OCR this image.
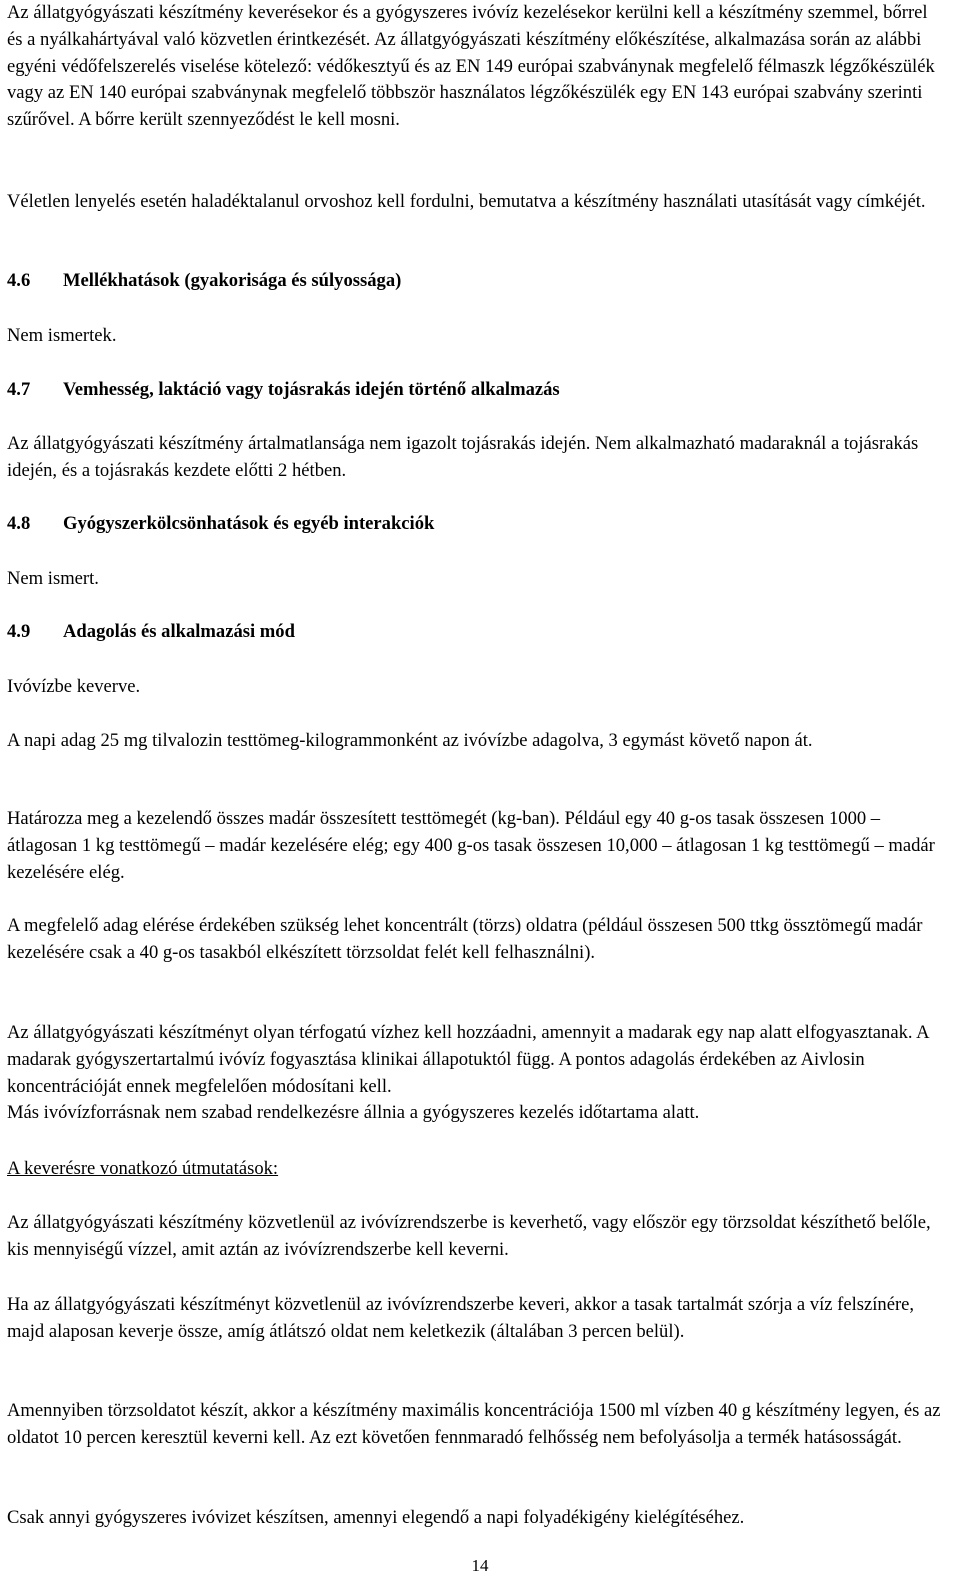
Az állatgyógyászati készítmény keverésekor és a gyógyszeres ivóvíz kezelésekor kerülni kell a készítmény szemmel, bőrrel és a nyálkahártyával való közvetlen érintkezését. Az állatgyógyászati készítmény előkészítése, alkalmazása során az alábbi egyéni védőfelszerelés viselése kötelező: védőkesztyű és az EN 149 európai szabványnak megfelelő félmaszk légzőkészülék vagy az EN 140 európai szabványnak megfelelő többször használatos légzőkészülék egy EN 143 európai szabvány szerinti szűrővel. A bőrre került szennyeződést le kell mosni.

Véletlen lenyelés esetén haladéktalanul orvoshoz kell fordulni, bemutatva a készítmény használati utasítását vagy címkéjét.

4.6 Mellékhatások (gyakorisága és súlyossága)

Nem ismertek.

4.7 Vemhesség, laktáció vagy tojásrakás idején történő alkalmazás

Az állatgyógyászati készítmény ártalmatlansága nem igazolt tojásrakás idején. Nem alkalmazható madaraknál a tojásrakás idején, és a tojásrakás kezdete előtti 2 hétben.

4.8 Gyógyszerkölcsönhatások és egyéb interakciók

Nem ismert.

4.9 Adagolás és alkalmazási mód

Ivóvízbe keverve.

A napi adag 25 mg tilvalozin testtömeg-kilogrammonként az ivóvízbe adagolva, 3 egymást követő napon át.

Határozza meg a kezelendő összes madár összesített testtömegét (kg-ban). Például egy 40 g-os tasak összesen 1000 – átlagosan 1 kg testtömegű – madár kezelésére elég; egy 400 g-os tasak összesen 10,000 – átlagosan 1 kg testtömegű – madár kezelésére elég.

A megfelelő adag elérése érdekében szükség lehet koncentrált (törzs) oldatra (például összesen 500 ttkg össztömegű madár kezelésére csak a 40 g-os tasakból elkészített törzsoldat felét kell felhasználni).

Az állatgyógyászati készítményt olyan térfogatú vízhez kell hozzáadni, amennyit a madarak egy nap alatt elfogyasztanak. A madarak gyógyszertartalmú ivóvíz fogyasztása klinikai állapotuktól függ. A pontos adagolás érdekében az Aivlosin koncentrációját ennek megfelelően módosítani kell.

Más ivóvízforrásnak nem szabad rendelkezésre állnia a gyógyszeres kezelés időtartama alatt.

A keverésre vonatkozó útmutatások:

Az állatgyógyászati készítmény közvetlenül az ivóvízrendszerbe is keverhető, vagy először egy törzsoldat készíthető belőle, kis mennyiségű vízzel, amit aztán az ivóvízrendszerbe kell keverni.

Ha az állatgyógyászati készítményt közvetlenül az ivóvízrendszerbe keveri, akkor a tasak tartalmát szórja a víz felszínére, majd alaposan keverje össze, amíg átlátszó oldat nem keletkezik (általában 3 percen belül).

Amennyiben törzsoldatot készít, akkor a készítmény maximális koncentrációja 1500 ml vízben 40 g készítmény legyen, és az oldatot 10 percen keresztül keverni kell. Az ezt követően fennmaradó felhősség nem befolyásolja a termék hatásosságát.

Csak annyi gyógyszeres ivóvizet készítsen, amennyi elegendő a napi folyadékigény kielégítéséhez.

14
